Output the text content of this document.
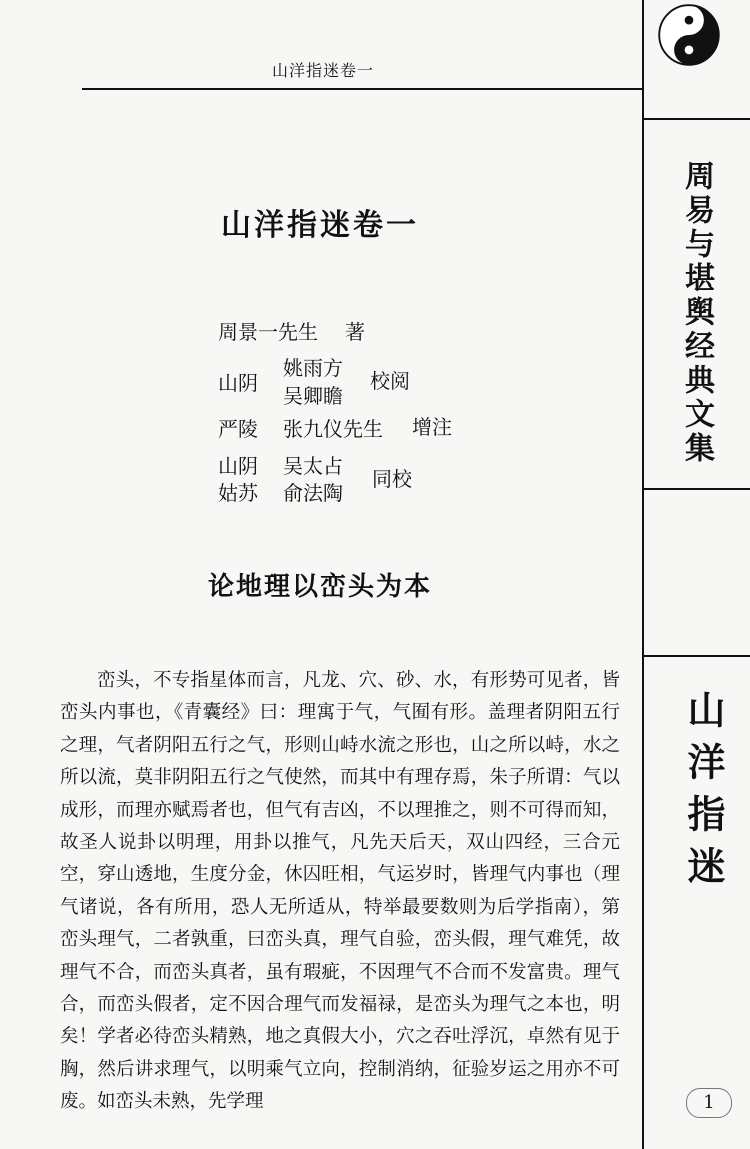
山洋指迷卷一
周易与堪舆经典文集
山洋指迷
山洋指迷卷一
周景一先生 著
山阴
姚雨方
吴卿瞻
校阅
严陵 张九仪先生 增注
山阴
姑苏
吴太占
俞法陶
同校
论地理以峦头为本

峦头，不专指星体而言，凡龙、穴、砂、水，有形势可见者，皆峦头内事也，《青囊经》曰：理寓于气，气囿有形。盖理者阴阳五行之理，气者阴阳五行之气，形则山峙水流之形也，山之所以峙，水之所以流，莫非阴阳五行之气使然，而其中有理存焉，朱子所谓：气以成形，而理亦赋焉者也，但气有吉凶，不以理推之，则不可得而知，故圣人说卦以明理，用卦以推气，凡先天后天，双山四经，三合元空，穿山透地，生度分金，休囚旺相，气运岁时，皆理气内事也（理气诸说，各有所用，恐人无所适从，特举最要数则为后学指南），第峦头理气，二者孰重，曰峦头真，理气自验，峦头假，理气难凭，故理气不合，而峦头真者，虽有瑕疵，不因理气不合而不发富贵。理气合，而峦头假者，定不因合理气而发福禄，是峦头为理气之本也，明矣！学者必待峦头精熟，地之真假大小，穴之吞吐浮沉，卓然有见于胸，然后讲求理气，以明乘气立向，控制消纳，征验岁运之用亦不可废。如峦头未熟，先学理	1
